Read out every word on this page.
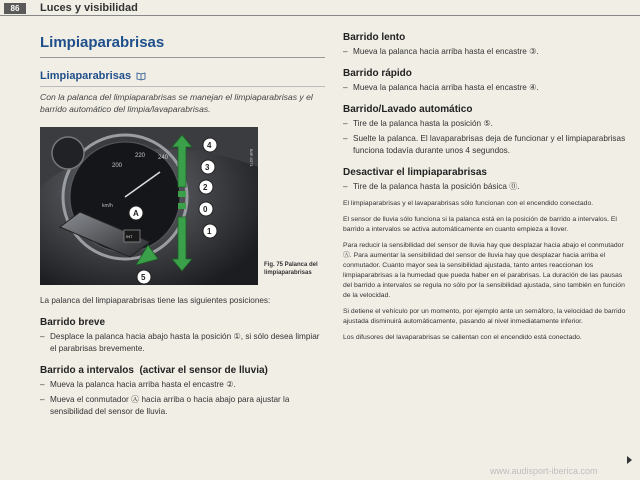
86	Luces y visibilidad
Limpiaparabrisas
Limpiaparabrisas
Con la palanca del limpiaparabrisas se manejan el limpiaparabrisas y el barrido automático del limpia/lavaparabrisas.
200
220 240
km/h
INT
A
4
3
2
0
1
5
B4F-0371
Fig. 75 Palanca del limpiaparabrisas
La palanca del limpiaparabrisas tiene las siguientes posiciones:
Barrido breve
– Desplace la palanca hacia abajo hasta la posición ①, si sólo desea limpiar el parabrisas brevemente.
Barrido a intervalos  (activar el sensor de lluvia)
– Mueva la palanca hacia arriba hasta el encastre ②.
– Mueva el conmutador Ⓐ hacia arriba o hacia abajo para ajustar la sensibilidad del sensor de lluvia.
Barrido lento
– Mueva la palanca hacia arriba hasta el encastre ③.
Barrido rápido
– Mueva la palanca hacia arriba hasta el encastre ④.
Barrido/Lavado automático
– Tire de la palanca hasta la posición ⑤.
– Suelte la palanca. El lavaparabrisas deja de funcionar y el limpiaparabrisas funciona todavía durante unos 4 segundos.
Desactivar el limpiaparabrisas
– Tire de la palanca hasta la posición básica ⓪.
El limpiaparabrisas y el lavaparabrisas sólo funcionan con el encendido conectado.
El sensor de lluvia sólo funciona si la palanca está en la posición de barrido a intervalos. El barrido a intervalos se activa automáticamente en cuanto empieza a llover.
Para reducir la sensibilidad del sensor de lluvia hay que desplazar hacia abajo el conmutador Ⓐ. Para aumentar la sensibilidad del sensor de lluvia hay que desplazar hacia arriba el conmutador. Cuanto mayor sea la sensibilidad ajustada, tanto antes reaccionan los limpiaparabrisas a la humedad que pueda haber en el parabrisas. La duración de las pausas del barrido a intervalos se regula no sólo por la sensibilidad ajustada, sino también en función de la velocidad.
Si detiene el vehículo por un momento, por ejemplo ante un semáforo, la velocidad de barrido ajustada disminuirá automáticamente, pasando al nivel inmediatamente inferior.
Los difusores del lavaparabrisas se calientan con el encendido está conectado.
www.audisport-iberica.com
